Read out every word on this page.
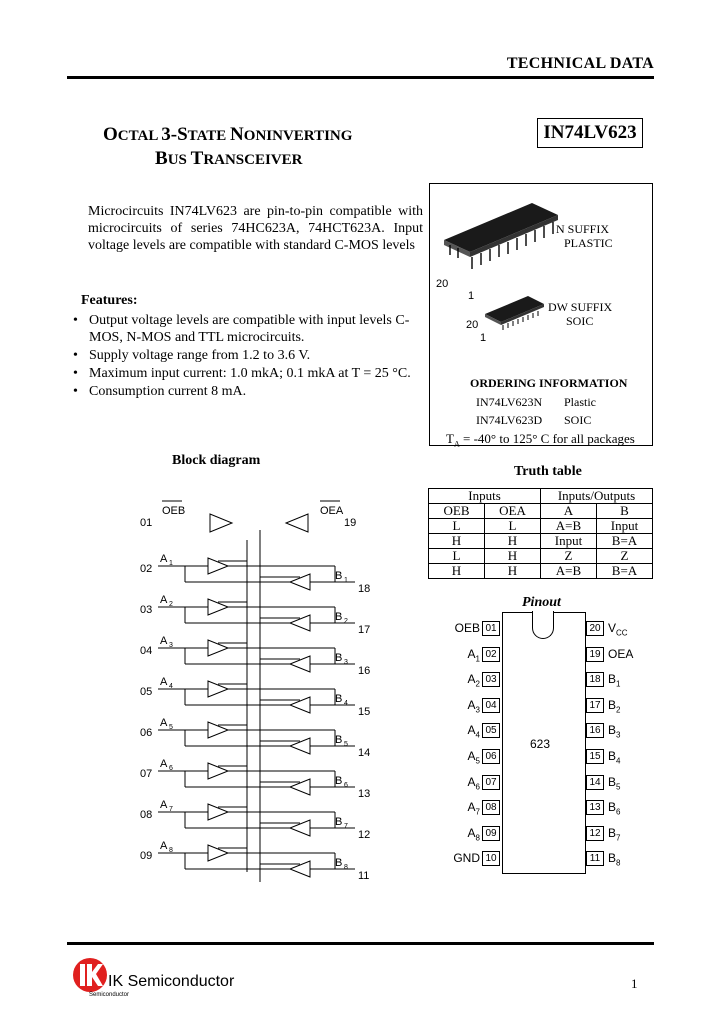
TECHNICAL DATA
OCTAL 3-STATE NONINVERTING
BUS TRANSCEIVER
IN74LV623
Microcircuits IN74LV623 are pin-to-pin compatible with microcircuits of series 74HC623A, 74HCT623A. Input voltage levels are compatible with standard C-MOS levels
Features:
• Output voltage levels are compatible with input levels C-MOS, N-MOS and TTL microcircuits.
• Supply voltage range from 1.2 to 3.6 V.
• Maximum input current: 1.0 mkA; 0.1 mkA at T = 25 °C.
• Consumption current 8 mA.
20
1
N SUFFIX
PLASTIC
20
1
DW SUFFIX
SOIC
ORDERING INFORMATION
IN74LV623N Plastic
IN74LV623D SOIC
$T_A = -40^\circ$ to 125° C for all packages
Block diagram
OEB	OEA
01	19
02
A 1
B 1
18
03
A 2
B 2
17
04
A 3
B 3
16
05
A 4
B 4
15
06
A 5
B 5
14
07
A 6
B 6
13
08
A 7
B 7
12
09
A 8
B 8
11
Truth table
Inputs		Inputs/Outputs	
OEB	OEA	A	B
L	L	A=B	Input
H	H	Input	B=A
L	H	Z	Z
H	H	A=B	B=A
Pinout
623
01
OEB
02
$A_1$
03
$A_2$
04
$A_3$
05
$A_4$
06
$A_5$
07
$A_6$
08
$A_7$
09
$A_8$
10
GND
20 $V_{CC}$
19 OEA
18 $B_1$
17 $B_2$
16 $B_3$
15 $B_4$
14 $B_5$
13 $B_6$
12 $B_7$
11 $B_8$
IK Semiconductor
Semiconductor
1
